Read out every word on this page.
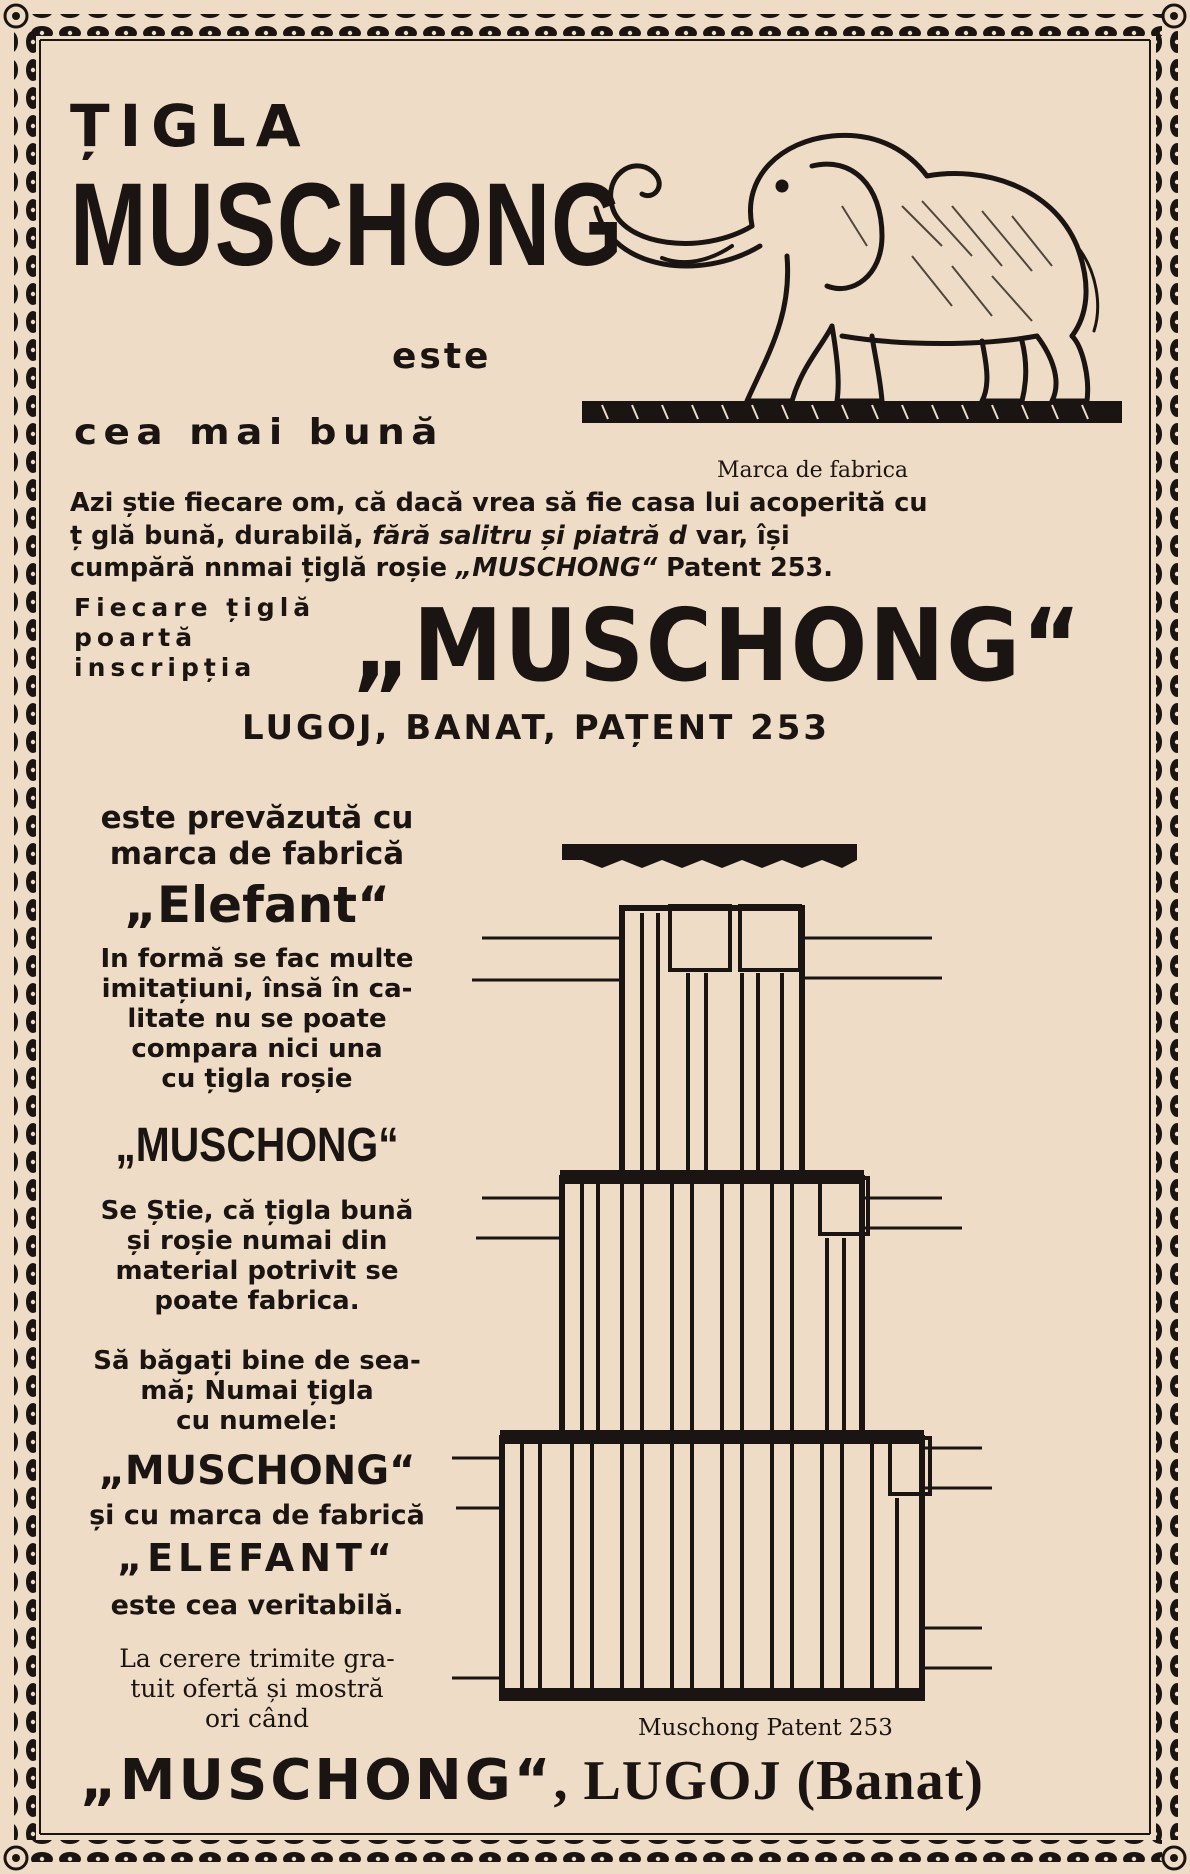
ȚIGLA

MUSCHONG

este

cea mai bună

Marca de fabrica

Azi știe fiecare om, că dacă vrea să fie casa lui acoperită cu

ț glă bună, durabilă, fără salitru și piatră d var, își

cumpără nnmai țiglă roșie „MUSCHONG“ Patent 253.

Fiecare țiglă

poartă

inscripția „MUSCHONG“

LUGOJ, BANAT, PAȚENT 253

este prevăzută cu

marca de fabrică

„Elefant“

In formă se fac multe

imitațiuni, însă în ca-

litate nu se poate

compara nici una

cu țigla roșie

„MUSCHONG“

Se Știe, că țigla bună

și roșie numai din

material potrivit se

poate fabrica.

Să băgați bine de sea-

mă; Numai țigla

cu numele:

„MUSCHONG“

și cu marca de fabrică

„ELEFANT“

este cea veritabilă.

La cerere trimite gra-

tuit ofertă și mostră

ori când	Muschong Patent 253

„MUSCHONG“, LUGOJ (Banat)
